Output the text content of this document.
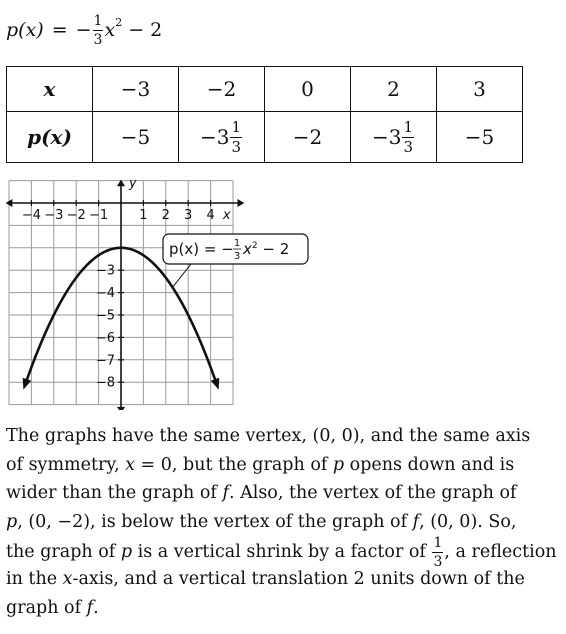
p(x) = − $\frac{1}{3}$ x 2 − 2
x	−3	−2	0	2	3
p(x)	−5	$-3 \frac{1}{3}$	−2	$-3 \frac{1}{3}$	−5
y
x
−4 −3 −2 −1 1 2 3 4
−3
−4
−5
−6
−7
−8
p(x) = − 1
3 $x^2 - 2$
The graphs have the same vertex, (0, 0), and the same axis
of symmetry, x = 0, but the graph of p opens down and is
wider than the graph of f. Also, the vertex of the graph of
p, (0, −2), is below the vertex of the graph of f, (0, 0). So,
the graph of p is a vertical shrink by a factor of $\frac{1}{3}$ , a reflection
in the x-axis, and a vertical translation 2 units down of the
graph of f.
